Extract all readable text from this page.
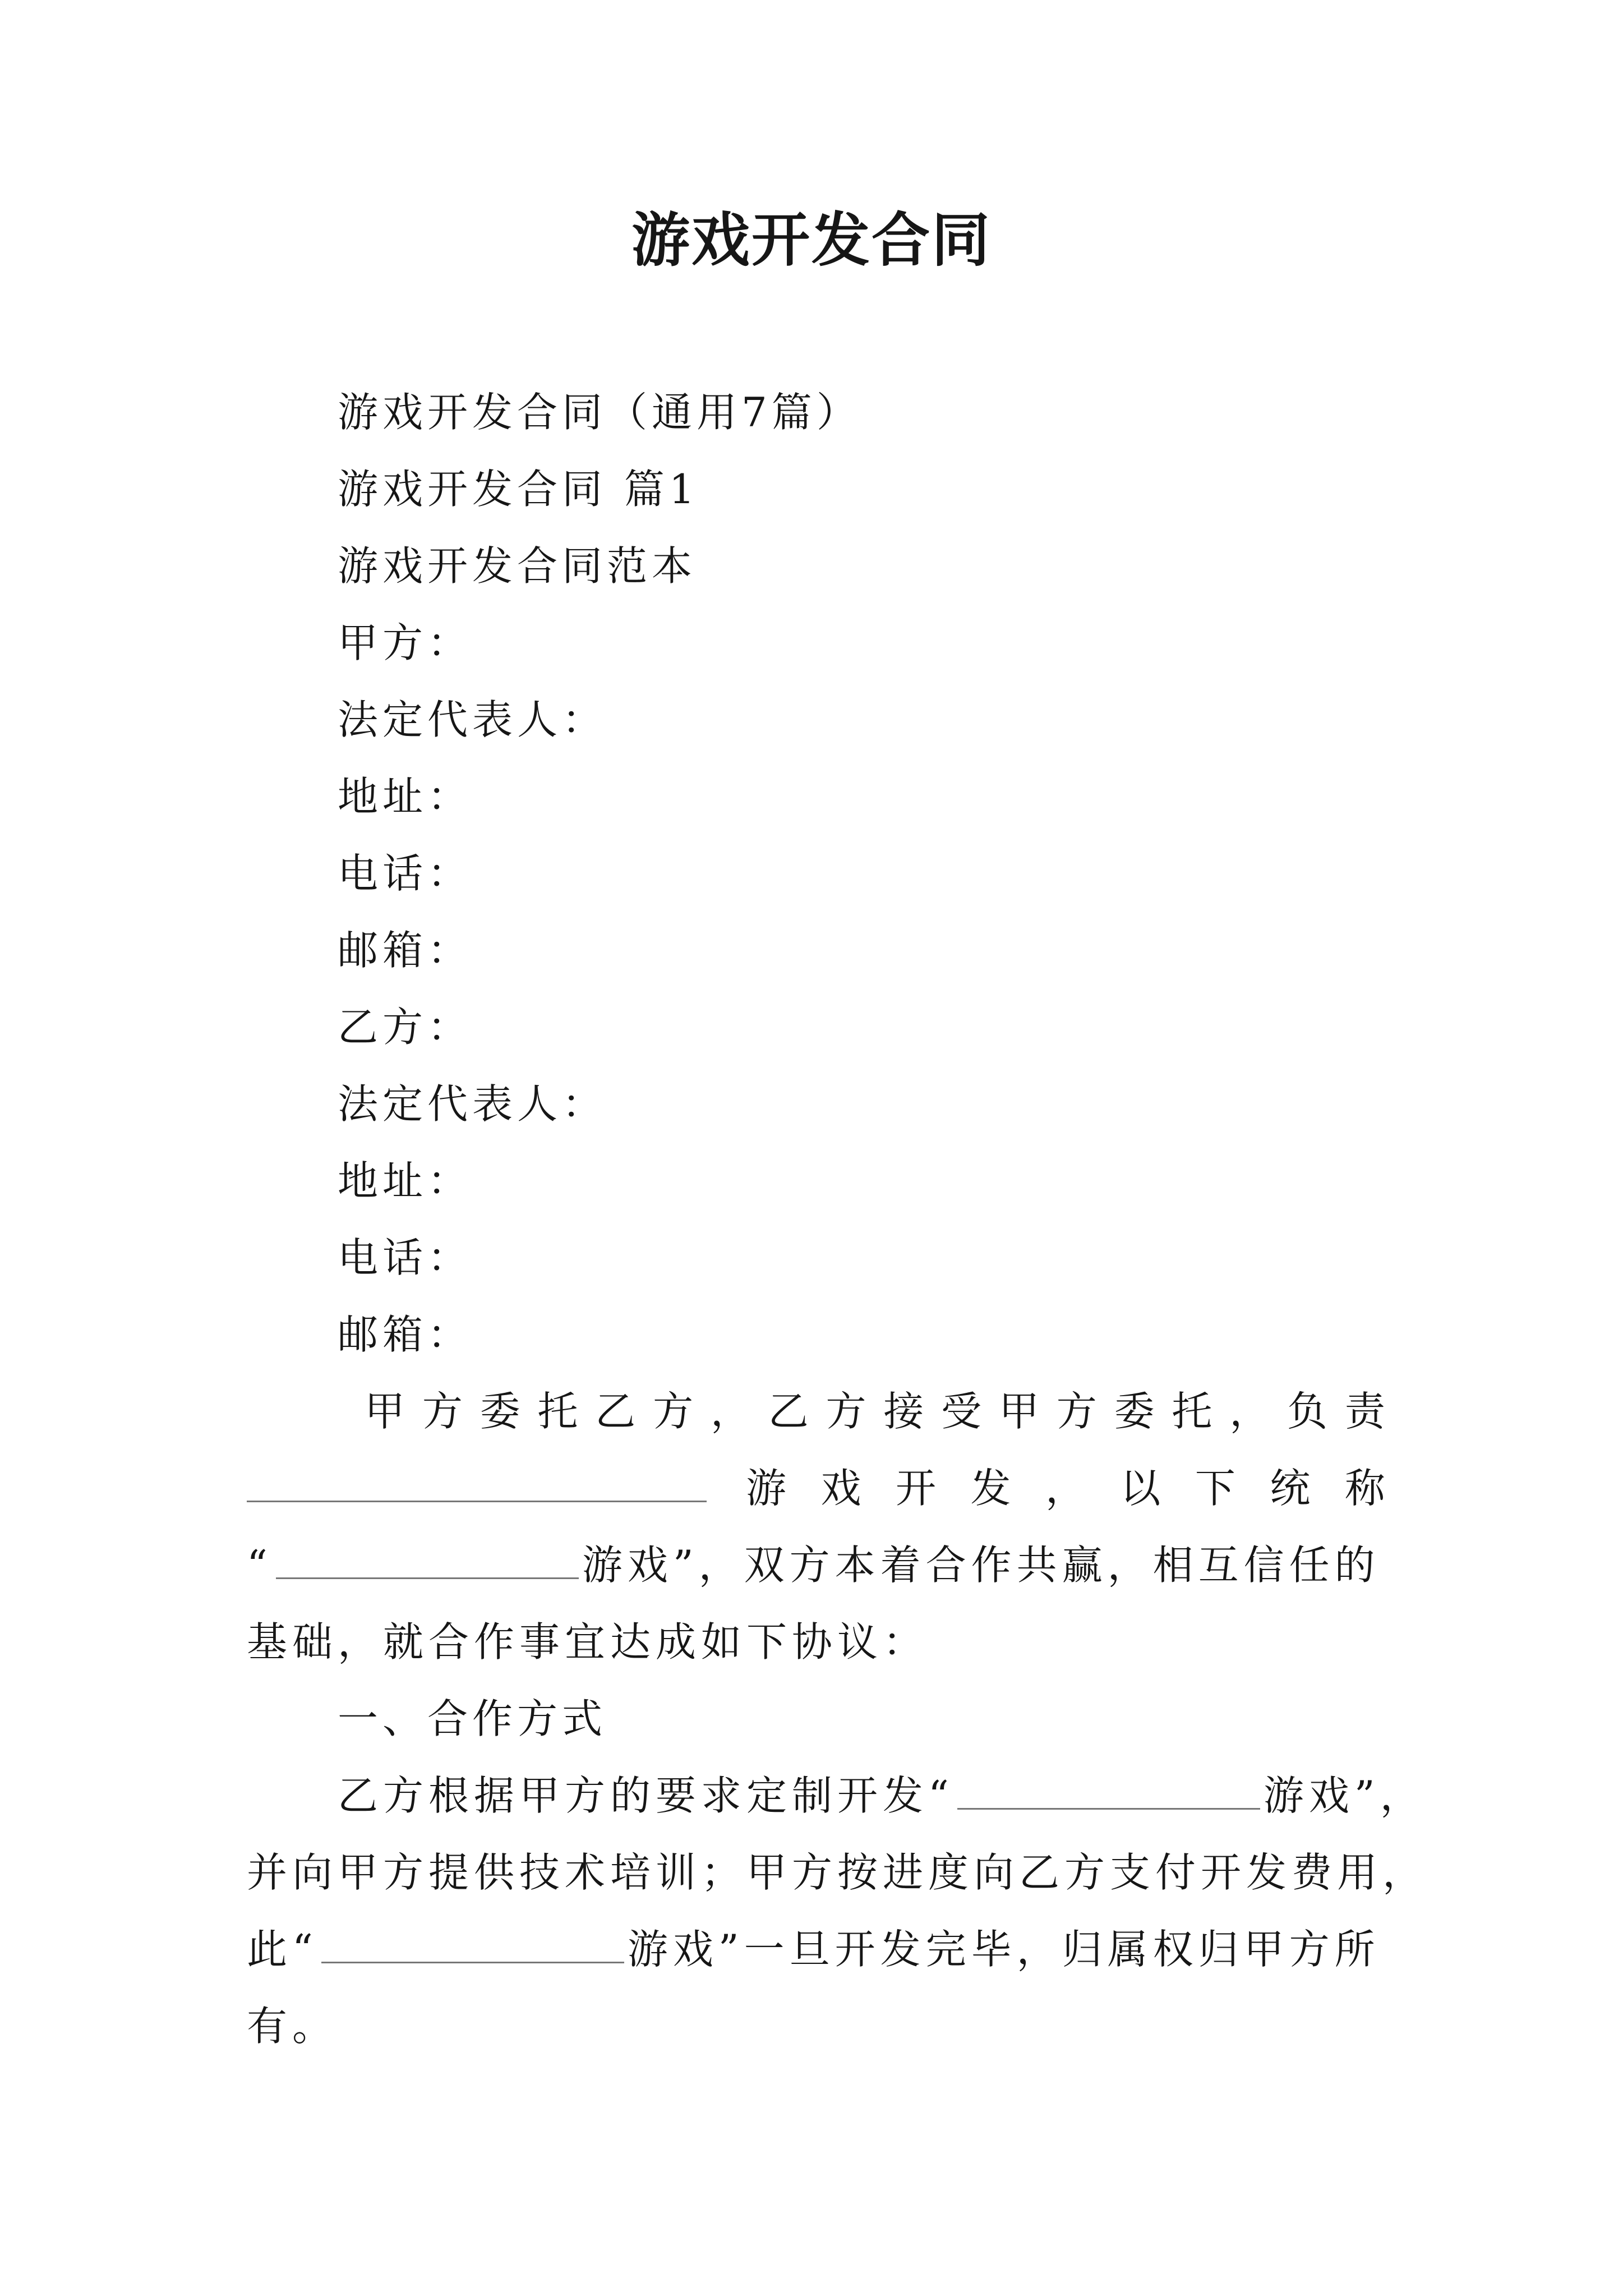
游戏开发合同
游戏开发合同（通用7篇）
游戏开发合同 篇1
游戏开发合同范本
甲方：
法定代表人：
地址：
电话：
邮箱：
乙方：
法定代表人：
地址：
电话：
邮箱：
甲 方 委 托 乙 方 ， 乙 方 接 受 甲 方 委 托 ， 负 责
游 戏 开 发 ， 以 下 统 称
“	游戏”，双方本着合作共赢，相互信任的
基础，就合作事宜达成如下协议：
一、合作方式
乙方根据甲方的要求定制开发“	游戏”，
并向甲方提供技术培训；甲方按进度向乙方支付开发费用，
此“	游戏”一旦开发完毕，归属权归甲方所
有。
